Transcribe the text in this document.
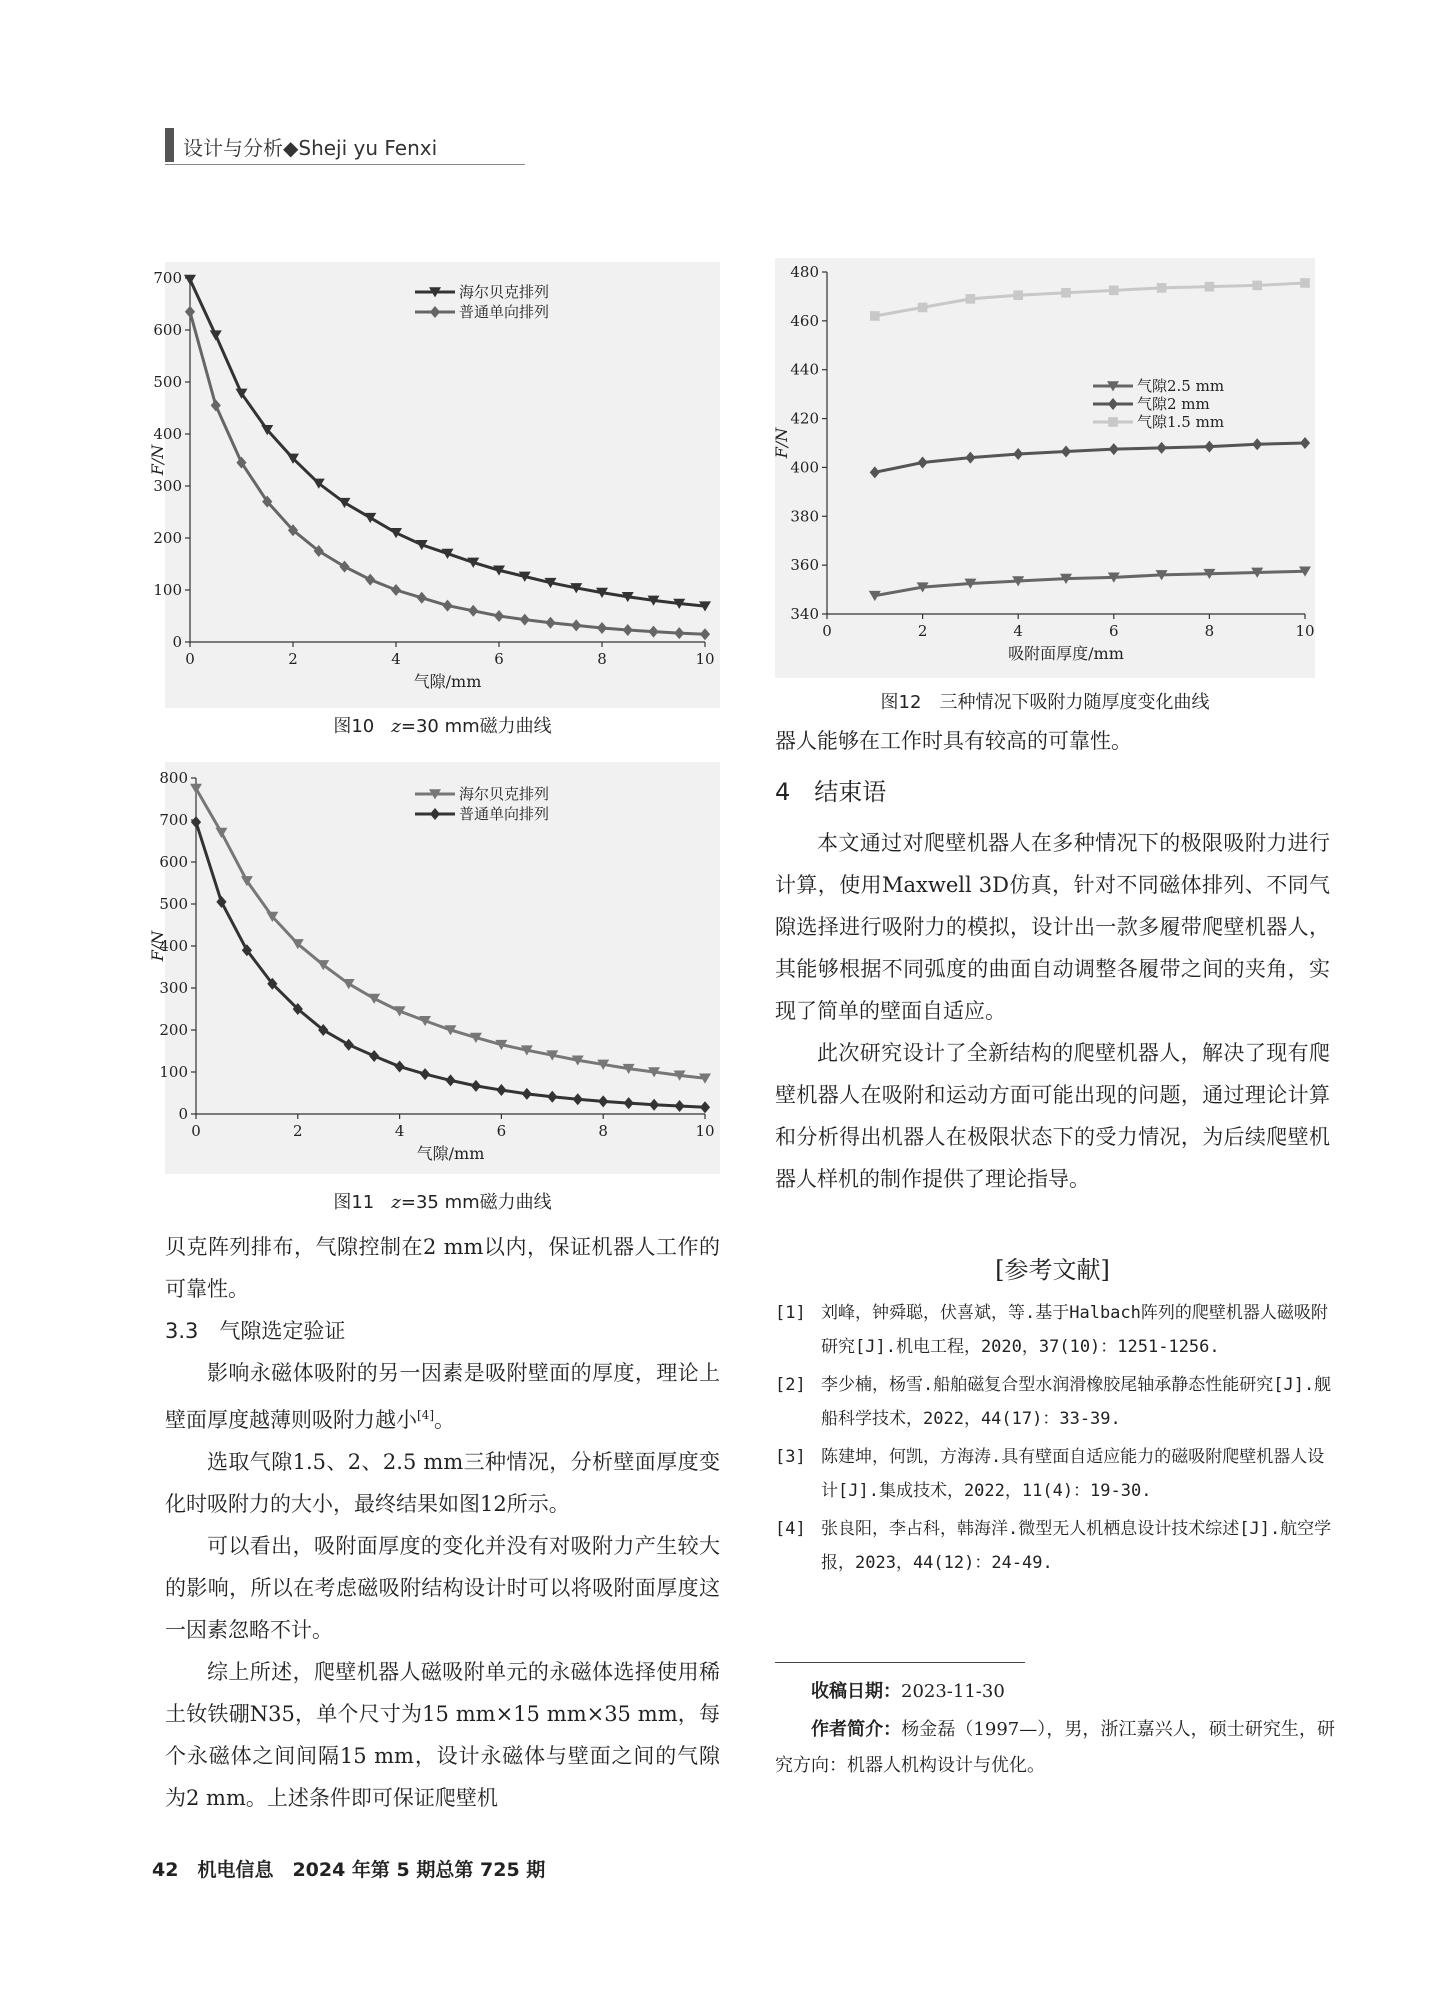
设计与分析◆Sheji yu Fenxi
0
100
200
300
400
500
600
700
0	2	4	6	8	10
气隙/mm
F/N
海尔贝克排列
普通单向排列
图10 z=30 mm磁力曲线
0
100
200
300
400
500
600
700
800
0	2	4	6	8	10
气隙/mm
F/N
海尔贝克排列
普通单向排列
图11 z=35 mm磁力曲线
340
360
380
400
420
440
460
480
0	2	4	6	8	10
吸附面厚度/mm
F/N
气隙2.5 mm
气隙2 mm
气隙1.5 mm
图12　三种情况下吸附力随厚度变化曲线
贝克阵列排布，气隙控制在2 mm以内，保证机器人工作的可靠性。
3.3　气隙选定验证
影响永磁体吸附的另一因素是吸附壁面的厚度，理论上壁面厚度越薄则吸附力越小[4]。
选取气隙1.5、2、2.5 mm三种情况，分析壁面厚度变化时吸附力的大小，最终结果如图12所示。
可以看出，吸附面厚度的变化并没有对吸附力产生较大的影响，所以在考虑磁吸附结构设计时可以将吸附面厚度这一因素忽略不计。
综上所述，爬壁机器人磁吸附单元的永磁体选择使用稀土钕铁硼N35，单个尺寸为15 mm×15 mm×35 mm，每个永磁体之间间隔15 mm，设计永磁体与壁面之间的气隙为2 mm。上述条件即可保证爬壁机
器人能够在工作时具有较高的可靠性。
4　结束语
本文通过对爬壁机器人在多种情况下的极限吸附力进行计算，使用Maxwell 3D仿真，针对不同磁体排列、不同气隙选择进行吸附力的模拟，设计出一款多履带爬壁机器人，其能够根据不同弧度的曲面自动调整各履带之间的夹角，实现了简单的壁面自适应。
此次研究设计了全新结构的爬壁机器人，解决了现有爬壁机器人在吸附和运动方面可能出现的问题，通过理论计算和分析得出机器人在极限状态下的受力情况，为后续爬壁机器人样机的制作提供了理论指导。
[参考文献]
[1] 刘峰，钟舜聪，伏喜斌，等.基于Halbach阵列的爬壁机器人磁吸附研究[J].机电工程，2020，37(10)：1251-1256.
[2] 李少楠，杨雪.船舶磁复合型水润滑橡胶尾轴承静态性能研究[J].舰船科学技术，2022，44(17)：33-39.
[3] 陈建坤，何凯，方海涛.具有壁面自适应能力的磁吸附爬壁机器人设计[J].集成技术，2022，11(4)：19-30.
[4] 张良阳，李占科，韩海洋.微型无人机栖息设计技术综述[J].航空学报，2023，44(12)：24-49.
收稿日期：2023-11-30
作者简介：杨金磊（1997—），男，浙江嘉兴人，硕士研究生，研究方向：机器人机构设计与优化。
42　机电信息　2024 年第 5 期总第 725 期
